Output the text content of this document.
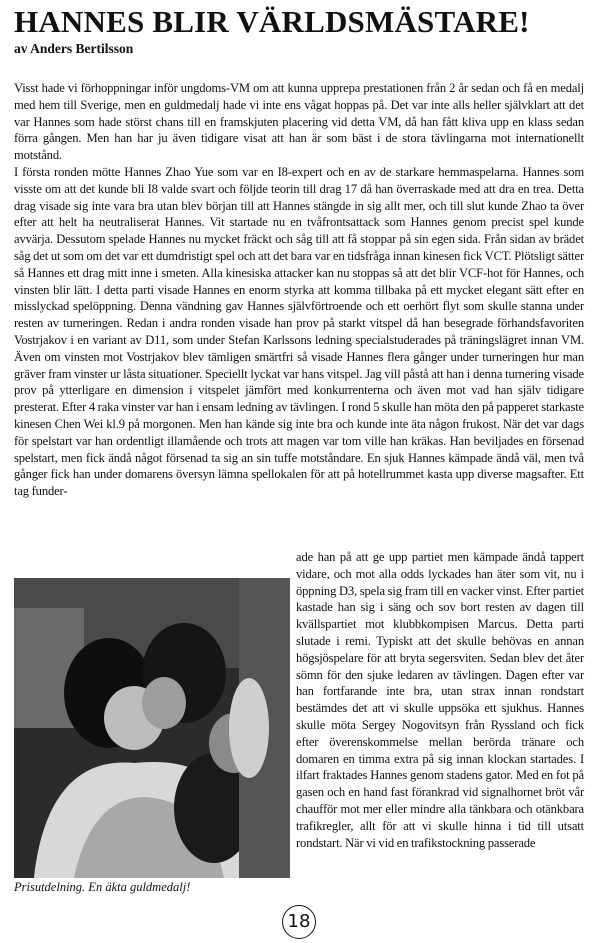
HANNES BLIR VÄRLDSMÄSTARE!

av Anders Bertilsson

Visst hade vi förhoppningar inför ungdoms-VM om att kunna upprepa prestationen från 2 år sedan och få en medalj med hem till Sverige, men en guldmedalj hade vi inte ens vågat hoppas på. Det var inte alls heller självklart att det var Hannes som hade störst chans till en framskjuten placering vid detta VM, då han fått kliva upp en klass sedan förra gången. Men han har ju även tidigare visat att han är som bäst i de stora tävlingarna mot internationellt motstånd.

I första ronden mötte Hannes Zhao Yue som var en I8-expert och en av de starkare hemmaspelarna. Hannes som visste om att det kunde bli I8 valde svart och följde teorin till drag 17 då han överraskade med att dra en trea. Detta drag visade sig inte vara bra utan blev början till att Hannes stängde in sig allt mer, och till slut kunde Zhao ta över efter att helt ha neutraliserat Hannes. Vit startade nu en tvåfrontsattack som Hannes genom precist spel kunde avvärja. Dessutom spelade Hannes nu mycket fräckt och såg till att få stoppar på sin egen sida. Från sidan av brädet såg det ut som om det var ett dumdristigt spel och att det bara var en tidsfråga innan kinesen fick VCT. Plötsligt sätter så Hannes ett drag mitt inne i smeten. Alla kinesiska attacker kan nu stoppas så att det blir VCF-hot för Hannes, och vinsten blir lätt. I detta parti visade Hannes en enorm styrka att komma tillbaka på ett mycket elegant sätt efter en misslyckad spelöppning. Denna vändning gav Hannes självförtroende och ett oerhört flyt som skulle stanna under resten av turneringen. Redan i andra ronden visade han prov på starkt vitspel då han besegrade förhandsfavoriten Vostrjakov i en variant av D11, som under Stefan Karlssons ledning specialstuderades på träningslägret innan VM. Även om vinsten mot Vostrjakov blev tämligen smärtfri så visade Hannes flera gånger under turneringen hur man gräver fram vinster ur låsta situationer. Speciellt lyckat var hans vitspel. Jag vill påstå att han i denna turnering visade prov på ytterligare en dimension i vitspelet jämfört med konkurrenterna och även mot vad han själv tidigare presterat. Efter 4 raka vinster var han i ensam ledning av tävlingen. I rond 5 skulle han möta den på papperet starkaste kinesen Chen Wei kl.9 på morgonen. Men han kände sig inte bra och kunde inte äta någon frukost. När det var dags för spelstart var han ordentligt illamående och trots att magen var tom ville han kräkas. Han beviljades en försenad spelstart, men fick ändå något försenad ta sig an sin tuffe motståndare. En sjuk Hannes kämpade ändå väl, men två gånger fick han under domarens översyn lämna spellokalen för att på hotellrummet kasta upp diverse magsafter. Ett tag funder-

ade han på att ge upp partiet men kämpade ändå tappert vidare, och mot alla odds lyckades han äter som vit, nu i öppning D3, spela sig fram till en vacker vinst. Efter partiet kastade han sig i säng och sov bort resten av dagen till kvällspartiet mot klubbkompisen Marcus. Detta parti slutade i remi. Typiskt att det skulle behövas en annan högsjöspelare för att bryta segersviten. Sedan blev det åter sömn för den sjuke ledaren av tävlingen. Dagen efter var han fortfarande inte bra, utan strax innan rondstart bestämdes det att vi skulle uppsöka ett sjukhus. Hannes skulle möta Sergey Nogovitsyn från Ryssland och fick efter överenskommelse mellan berörda tränare och domaren en timma extra på sig innan klockan startades. I ilfart fraktades Hannes genom stadens gator. Med en fot på gasen och en hand fast förankrad vid signalhornet bröt vår chaufför mot mer eller mindre alla tänkbara och otänkbara trafikregler, allt för att vi skulle hinna i tid till utsatt rondstart. När vi vid en trafikstockning passerade

Prisutdelning. En äkta guldmedalj!

18
